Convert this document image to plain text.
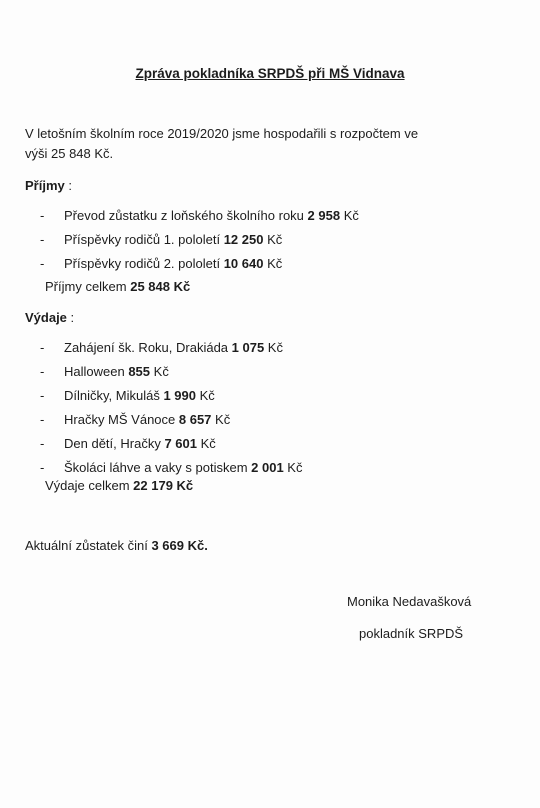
Zpráva pokladníka SRPDŠ při MŠ Vidnava
V letošním školním roce 2019/2020 jsme hospodařili s rozpočtem ve
výši 25 848 Kč.
Příjmy :
- Převod zůstatku z loňského školního roku 2 958 Kč
- Příspěvky rodičů 1. pololetí 12 250 Kč
- Příspěvky rodičů 2. pololetí 10 640 Kč
Příjmy celkem 25 848 Kč
Výdaje :
- Zahájení šk. Roku, Drakiáda 1 075 Kč
- Halloween 855 Kč
- Dílničky, Mikuláš 1 990 Kč
- Hračky MŠ Vánoce 8 657 Kč
- Den dětí, Hračky 7 601 Kč
- Školáci láhve a vaky s potiskem 2 001 Kč
Výdaje celkem 22 179 Kč
Aktuální zůstatek činí 3 669 Kč.
Monika Nedavašková
pokladník SRPDŠ
